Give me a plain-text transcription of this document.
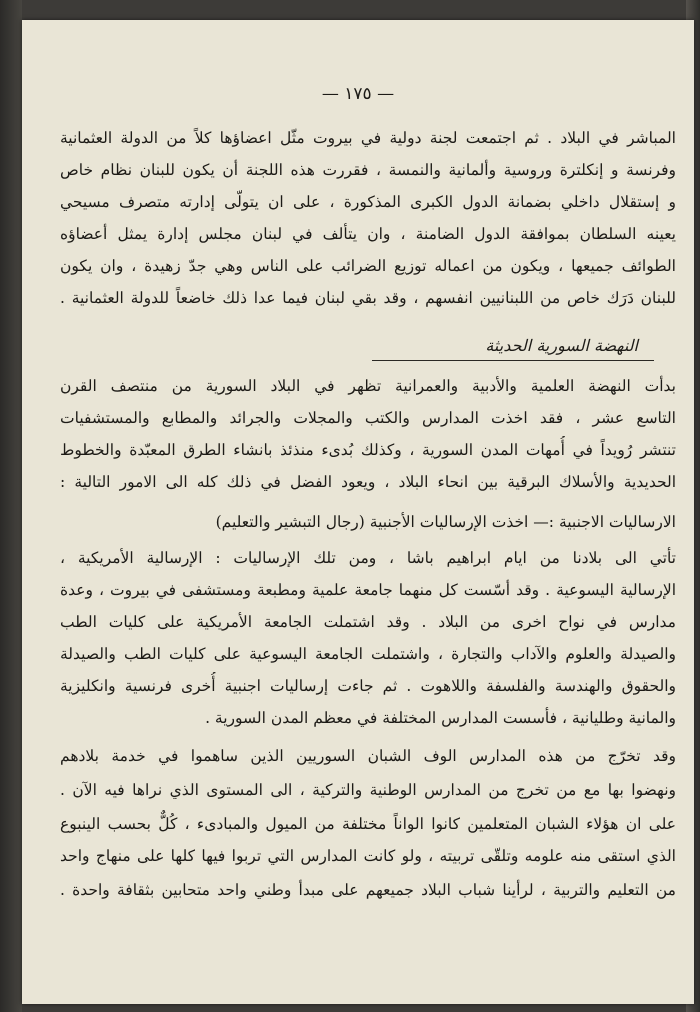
— ١٧٥ —
المباشر في البلاد . ثم اجتمعت لجنة دولية في بيروت مثّل اعضاؤها كلاً من الدولة العثمانية
وفرنسة و إنكلترة وروسية وألمانية والنمسة ، فقررت هذه اللجنة أن يكون للبنان نظام خاص
و إستقلال داخلي بضمانة الدول الكبرى المذكورة ، على ان يتولّى إدارته متصرف مسيحي
يعينه السلطان بموافقة الدول الضامنة ، وان يتألف في لبنان مجلس إدارة يمثل أعضاؤه
الطوائف جميعها ، ويكون من اعماله توزيع الضرائب على الناس وهي جدّ زهيدة ، وان يكون
للبنان دَرَك خاص من اللبنانيين انفسهم ، وقد بقي لبنان فيما عدا ذلك خاضعاً للدولة العثمانية .
النهضة السورية الحديثة
بدأت النهضة العلمية والأدبية والعمرانية تظهر في البلاد السورية من منتصف القرن
التاسع عشر ، فقد اخذت المدارس والكتب والمجلات والجرائد والمطابع والمستشفيات
تنتشر رُويداً في أُمهات المدن السورية ، وكذلك بُدىء منذئذ بانشاء الطرق المعبّدة والخطوط
الحديدية والأسلاك البرقية بين انحاء البلاد ، ويعود الفضل في ذلك كله الى الامور التالية :
الارساليات الاجنبية :— اخذت الإرساليات الأجنبية (رجال التبشير والتعليم)
تأتي الى بلادنا من ايام ابراهيم باشا ، ومن تلك الإرساليات : الإرسالية الأمريكية ،
الإرسالية اليسوعية . وقد أسّست كل منهما جامعة علمية ومطبعة ومستشفى في بيروت ، وعدة
مدارس في نواح اخرى من البلاد . وقد اشتملت الجامعة الأمريكية على كليات الطب
والصيدلة والعلوم والآداب والتجارة ، واشتملت الجامعة اليسوعية على كليات الطب والصيدلة
والحقوق والهندسة والفلسفة واللاهوت . ثم جاءت إرساليات اجنبية أُخرى فرنسية وانكليزية
والمانية وطليانية ، فأسست المدارس المختلفة في معظم المدن السورية .
وقد تخرّج من هذه المدارس الوف الشبان السوريين الذين ساهموا في خدمة بلادهم
ونهضوا بها مع من تخرج من المدارس الوطنية والتركية ، الى المستوى الذي نراها فيه الآن .
على ان هؤلاء الشبان المتعلمين كانوا الواناً مختلفة من الميول والمبادىء ، كُلٌّ بحسب الينبوع
الذي استقى منه علومه وتلقّى تربيته ، ولو كانت المدارس التي تربوا فيها كلها على منهاج واحد
من التعليم والتربية ، لرأينا شباب البلاد جميعهم على مبدأ وطني واحد متحابين بثقافة واحدة .
